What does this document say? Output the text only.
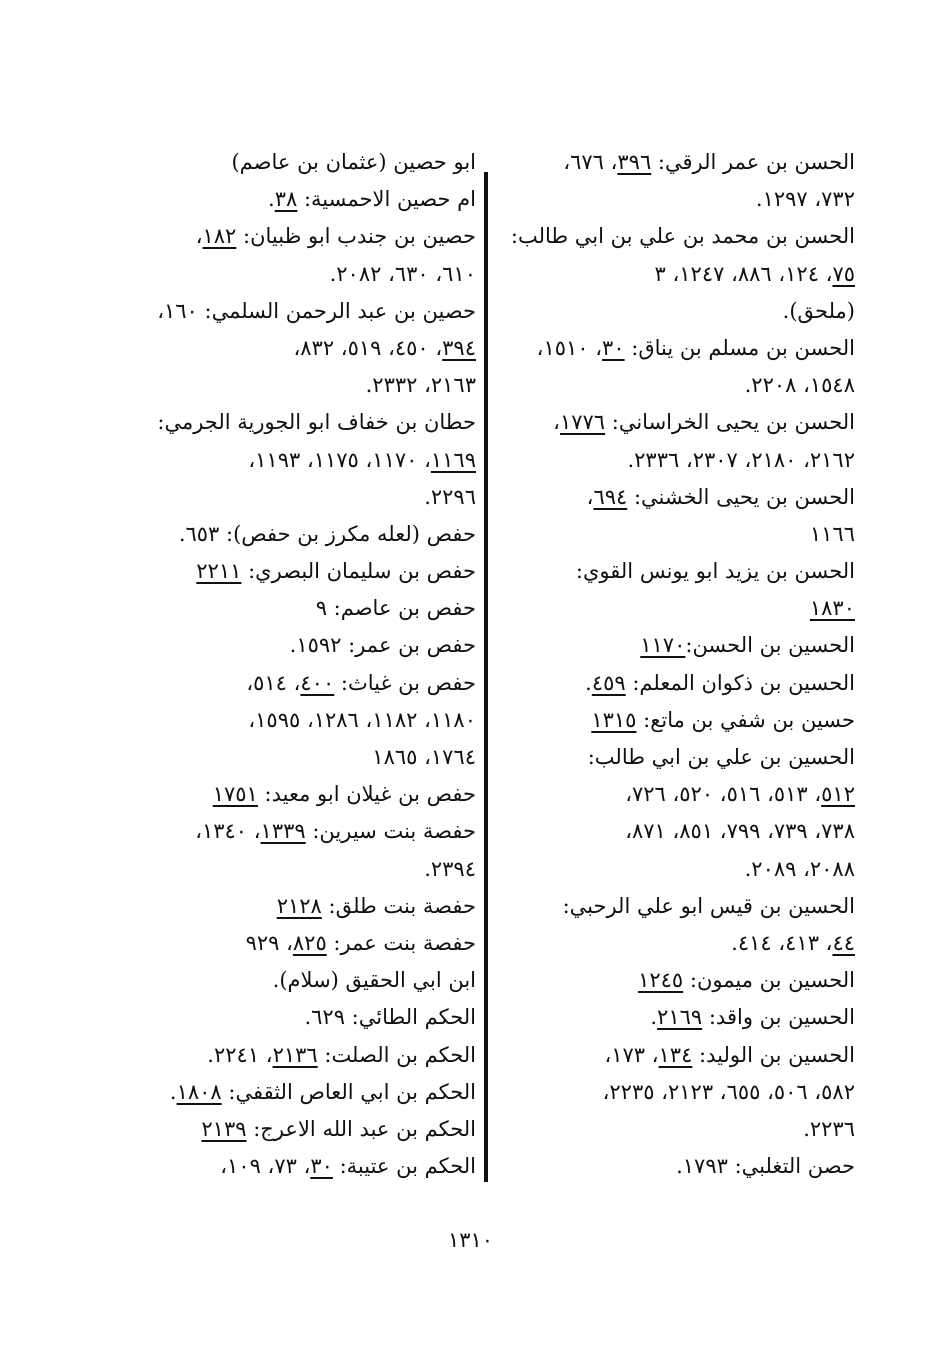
الحسن بن عمر الرقي: ٣٩٦، ٦٧٦،
٧٣٢، ١٢٩٧.
الحسن بن محمد بن علي بن ابي طالب:
٧٥، ١٢٤، ٨٨٦، ١٢٤٧، ٣
(ملحق).
الحسن بن مسلم بن يناق: ٣٠، ١٥١٠،
١٥٤٨، ٢٢٠٨.
الحسن بن يحيى الخراساني: ١٧٧٦،
٢١٦٢، ٢١٨٠، ٢٣٠٧، ٢٣٣٦.
الحسن بن يحيى الخشني: ٦٩٤،
١١٦٦
الحسن بن يزيد ابو يونس القوي:
١٨٣٠
الحسين بن الحسن:١١٧٠
الحسين بن ذكوان المعلم: ٤٥٩.
حسين بن شفي بن ماتع: ١٣١٥
الحسين بن علي بن ابي طالب:
٥١٢، ٥١٣، ٥١٦، ٥٢٠، ٧٢٦،
٧٣٨، ٧٣٩، ٧٩٩، ٨٥١، ٨٧١،
٢٠٨٨، ٢٠٨٩.
الحسين بن قيس ابو علي الرحبي:
٤٤، ٤١٣، ٤١٤.
الحسين بن ميمون: ١٢٤٥
الحسين بن واقد: ٢١٦٩.
الحسين بن الوليد: ١٣٤، ١٧٣،
٥٨٢، ٥٠٦، ٦٥٥، ٢١٢٣، ٢٢٣٥،
٢٢٣٦.
حصن التغلبي: ١٧٩٣.
ابو حصين (عثمان بن عاصم)
ام حصين الاحمسية: ٣٨.
حصين بن جندب ابو ظبيان: ١٨٢،
٦١٠، ٦٣٠، ٢٠٨٢.
حصين بن عبد الرحمن السلمي: ١٦٠،
٣٩٤، ٤٥٠، ٥١٩، ٨٣٢،
٢١٦٣، ٢٣٣٢.
حطان بن خفاف ابو الجورية الجرمي:
١١٦٩، ١١٧٠، ١١٧٥، ١١٩٣،
٢٢٩٦.
حفص (لعله مكرز بن حفص): ٦٥٣.
حفص بن سليمان البصري: ٢٢١١
حفص بن عاصم: ٩
حفص بن عمر: ١٥٩٢.
حفص بن غياث: ٤٠٠، ٥١٤،
١١٨٠، ١١٨٢، ١٢٨٦، ١٥٩٥،
١٧٦٤، ١٨٦٥
حفص بن غيلان ابو معيد: ١٧٥١
حفصة بنت سيرين: ١٣٣٩، ١٣٤٠،
٢٣٩٤.
حفصة بنت طلق: ٢١٢٨
حفصة بنت عمر: ٨٢٥، ٩٢٩
ابن ابي الحقيق (سلام).
الحكم الطائي: ٦٢٩.
الحكم بن الصلت: ٢١٣٦، ٢٢٤١.
الحكم بن ابي العاص الثقفي: ١٨٠٨.
الحكم بن عبد الله الاعرج: ٢١٣٩
الحكم بن عتيبة: ٣٠، ٧٣، ١٠٩،
١٣١٠
